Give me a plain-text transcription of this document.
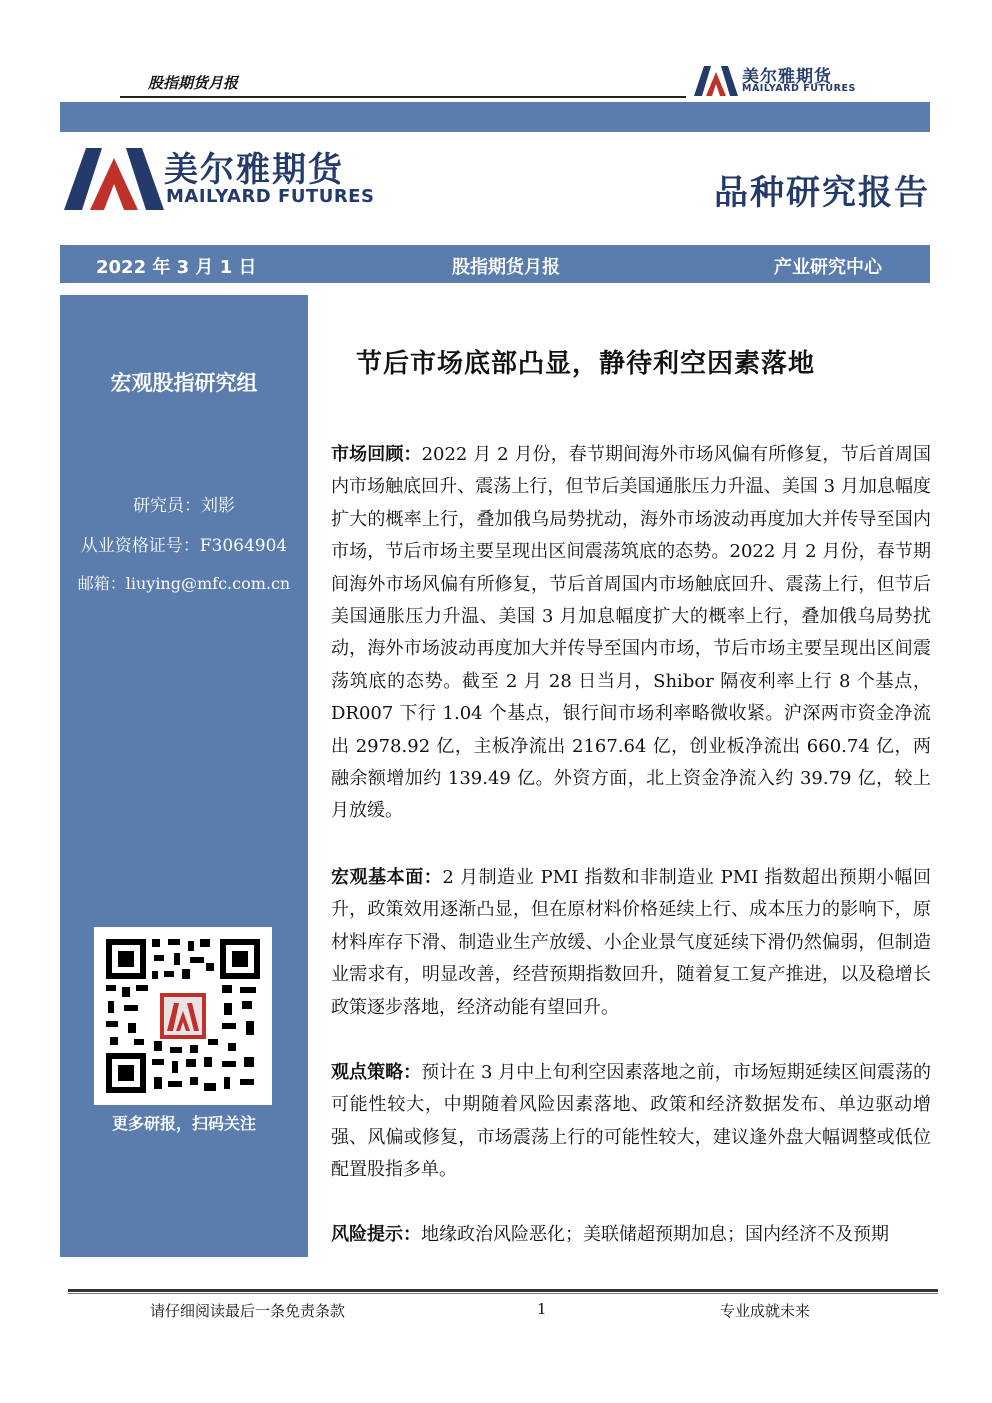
股指期货月报	美尔雅期货
MAILYARD FUTURES
美尔雅期货
MAILYARD FUTURES	品种研究报告
2022 年 3 月 1 日	股指期货月报	产业研究中心
宏观股指研究组
研究员：刘影
从业资格证号：F3064904
邮箱：liuying@mfc.com.cn
更多研报，扫码关注
节后市场底部凸显，静待利空因素落地

市场回顾：2022 月 2 月份，春节期间海外市场风偏有所修复，节后首周国内市场触底回升、震荡上行，但节后美国通胀压力升温、美国 3 月加息幅度扩大的概率上行，叠加俄乌局势扰动，海外市场波动再度加大并传导至国内市场，节后市场主要呈现出区间震荡筑底的态势。2022 月 2 月份，春节期间海外市场风偏有所修复，节后首周国内市场触底回升、震荡上行，但节后美国通胀压力升温、美国 3 月加息幅度扩大的概率上行，叠加俄乌局势扰动，海外市场波动再度加大并传导至国内市场，节后市场主要呈现出区间震荡筑底的态势。截至 2 月 28 日当月，Shibor 隔夜利率上行 8 个基点，DR007 下行 1.04 个基点，银行间市场利率略微收紧。沪深两市资金净流出 2978.92 亿，主板净流出 2167.64 亿，创业板净流出 660.74 亿，两融余额增加约 139.49 亿。外资方面，北上资金净流入约 39.79 亿，较上月放缓。

宏观基本面：2 月制造业 PMI 指数和非制造业 PMI 指数超出预期小幅回升，政策效用逐渐凸显，但在原材料价格延续上行、成本压力的影响下，原材料库存下滑、制造业生产放缓、小企业景气度延续下滑仍然偏弱，但制造业需求有，明显改善，经营预期指数回升，随着复工复产推进，以及稳增长政策逐步落地，经济动能有望回升。

观点策略：预计在 3 月中上旬利空因素落地之前，市场短期延续区间震荡的可能性较大，中期随着风险因素落地、政策和经济数据发布、单边驱动增强、风偏或修复，市场震荡上行的可能性较大，建议逢外盘大幅调整或低位配置股指多单。

风险提示：地缘政治风险恶化；美联储超预期加息；国内经济不及预期

请仔细阅读最后一条免责条款	1	专业成就未来
